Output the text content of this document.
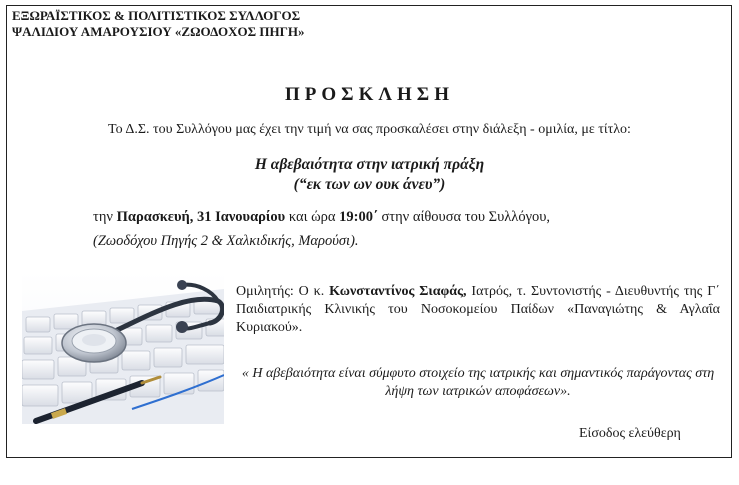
ΕΞΩΡΑΪΣΤΙΚΟΣ & ΠΟΛΙΤΙΣΤΙΚΟΣ ΣΥΛΛΟΓΟΣ
ΨΑΛΙΔΙΟΥ ΑΜΑΡΟΥΣΙΟΥ «ΖΩΟΔΟΧΟΣ ΠΗΓΗ»
ΠΡΟΣΚΛΗΣΗ
Το Δ.Σ. του Συλλόγου μας έχει την τιμή να σας προσκαλέσει στην διάλεξη - ομιλία, με τίτλο:
Η αβεβαιότητα στην ιατρική πράξη
(“εκ των ων ουκ άνευ”)
την Παρασκευή, 31 Ιανουαρίου και ώρα 19:00΄ στην αίθουσα του Συλλόγου,
(Ζωοδόχου Πηγής 2 & Χαλκιδικής, Μαρούσι).
Ομιλητής: Ο κ. Κωνσταντίνος Σιαφάς, Ιατρός, τ. Συντονιστής - Διευθυντής της Γ΄ Παιδιατρικής Κλινικής του Νοσοκομείου Παίδων «Παναγιώτης & Αγλαΐα Κυριακού».
« Η αβεβαιότητα είναι σύμφυτο στοιχείο της ιατρικής και σημαντικός παράγοντας στη λήψη των ιατρικών αποφάσεων».
Είσοδος ελεύθερη
